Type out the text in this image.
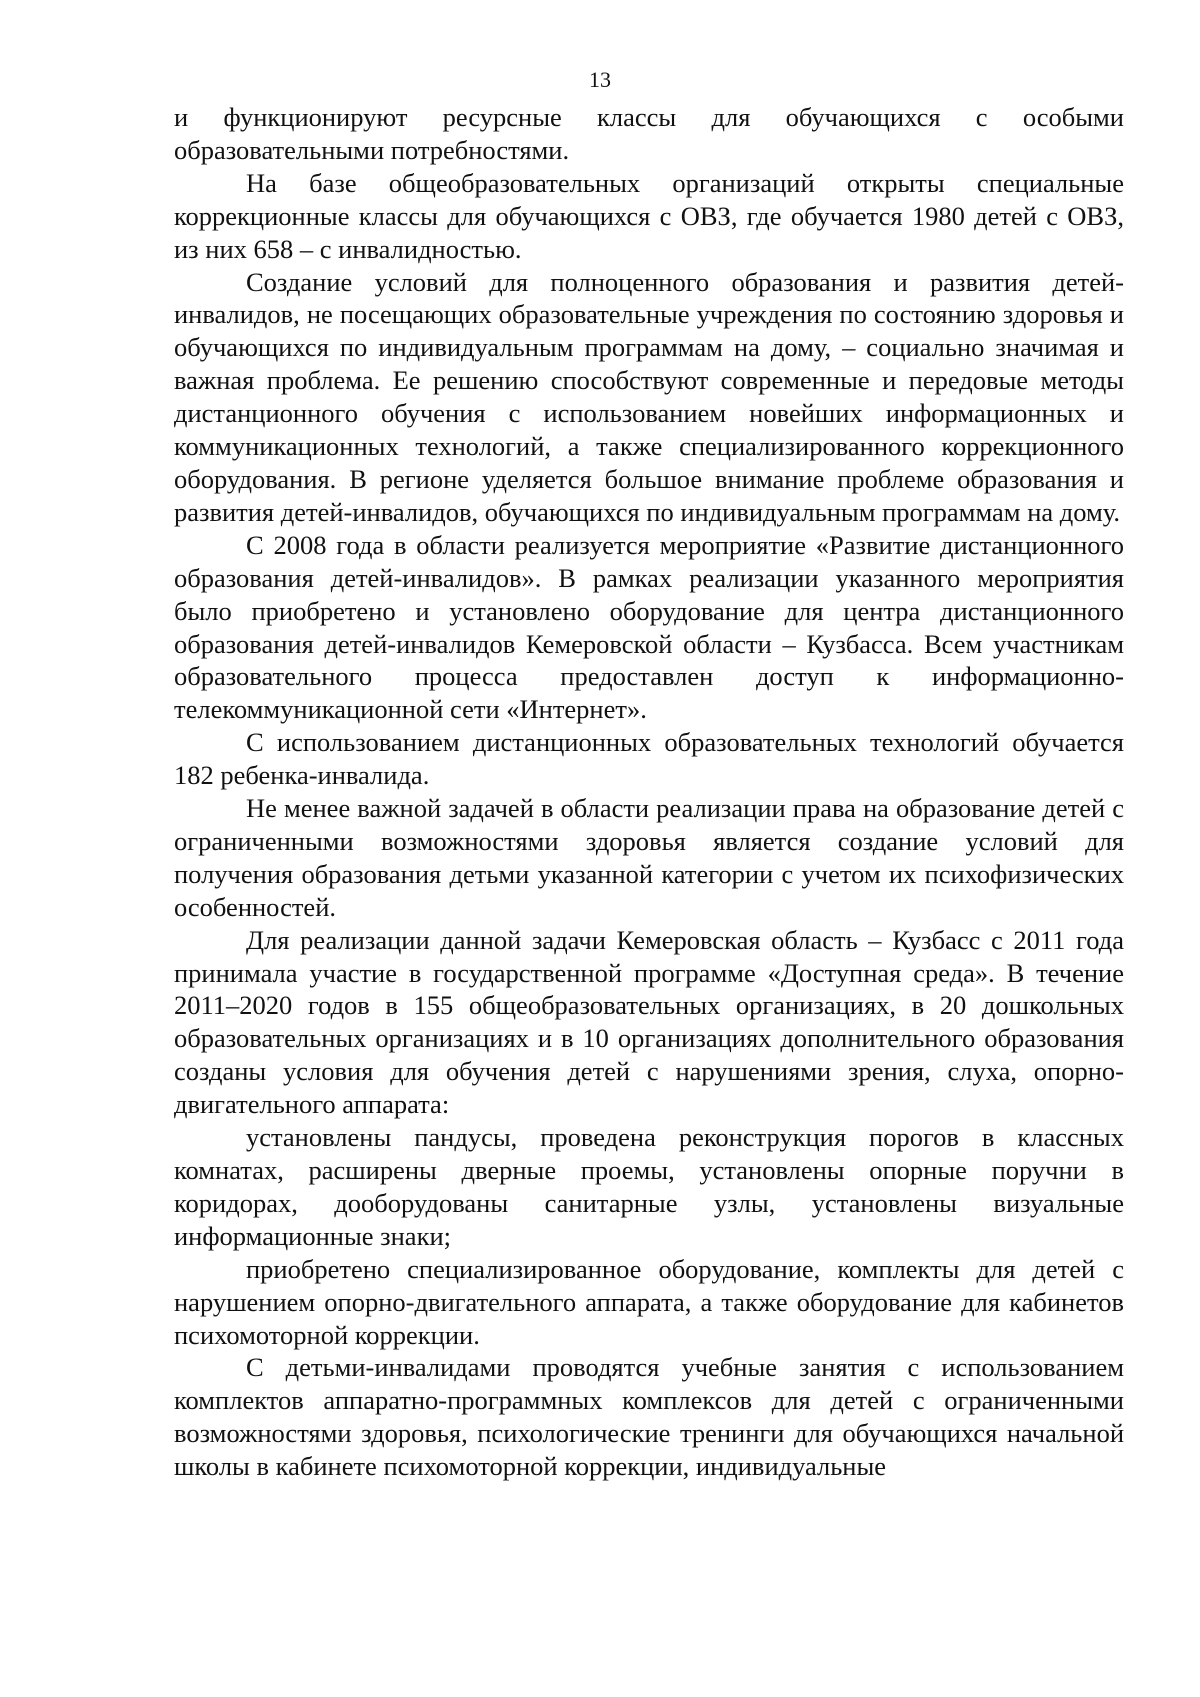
13

и функционируют ресурсные классы для обучающихся с особыми образовательными потребностями.

На базе общеобразовательных организаций открыты специальные коррекционные классы для обучающихся с ОВЗ, где обучается 1980 детей с ОВЗ, из них 658 – с инвалидностью.

Создание условий для полноценного образования и развития детей-инвалидов, не посещающих образовательные учреждения по состоянию здоровья и обучающихся по индивидуальным программам на дому, – социально значимая и важная проблема. Ее решению способствуют современные и передовые методы дистанционного обучения с использованием новейших информационных и коммуникационных технологий, а также специализированного коррекционного оборудования. В регионе уделяется большое внимание проблеме образования и развития детей-инвалидов, обучающихся по индивидуальным программам на дому.

С 2008 года в области реализуется мероприятие «Развитие дистанционного образования детей-инвалидов». В рамках реализации указанного мероприятия было приобретено и установлено оборудование для центра дистанционного образования детей-инвалидов Кемеровской области – Кузбасса. Всем участникам образовательного процесса предоставлен доступ к информационно-телекоммуникационной сети «Интернет».

С использованием дистанционных образовательных технологий обучается 182 ребенка-инвалида.

Не менее важной задачей в области реализации права на образование детей с ограниченными возможностями здоровья является создание условий для получения образования детьми указанной категории с учетом их психофизических особенностей.

Для реализации данной задачи Кемеровская область – Кузбасс с 2011 года принимала участие в государственной программе «Доступная среда». В течение 2011–2020 годов в 155 общеобразовательных организациях, в 20 дошкольных образовательных организациях и в 10 организациях дополнительного образования созданы условия для обучения детей с нарушениями зрения, слуха, опорно-двигательного аппарата:

установлены пандусы, проведена реконструкция порогов в классных комнатах, расширены дверные проемы, установлены опорные поручни в коридорах, дооборудованы санитарные узлы, установлены визуальные информационные знаки;

приобретено специализированное оборудование, комплекты для детей с нарушением опорно-двигательного аппарата, а также оборудование для кабинетов психомоторной коррекции.

С детьми-инвалидами проводятся учебные занятия с использованием комплектов аппаратно-программных комплексов для детей с ограниченными возможностями здоровья, психологические тренинги для обучающихся начальной школы в кабинете психомоторной коррекции, индивидуальные
